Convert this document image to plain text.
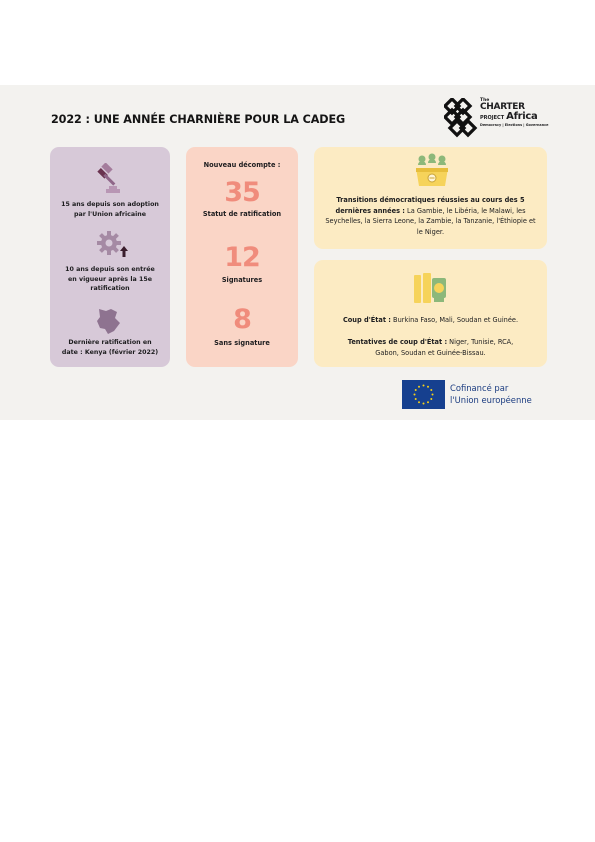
2022 : UNE ANNÉE CHARNIÈRE POUR LA CADEG
The
CHARTER
PROJECT Africa
Democracy | Elections | Governance
15 ans depuis son adoption par l'Union africaine
10 ans depuis son entrée en vigueur après la 15e ratification
Dernière ratification en date : Kenya (février 2022)
Nouveau décompte :
35
Statut de ratification
12
Signatures
8
Sans signature
Transitions démocratiques réussies au cours des 5 dernières années : La Gambie, le Libéria, le Malawi, les Seychelles, la Sierra Leone, la Zambie, la Tanzanie, l'Éthiopie et le Niger.
Coup d'État : Burkina Faso, Mali, Soudan et Guinée.
Tentatives de coup d'État : Niger, Tunisie, RCA, Gabon, Soudan et Guinée-Bissau.
Cofinancé par
l'Union européenne
